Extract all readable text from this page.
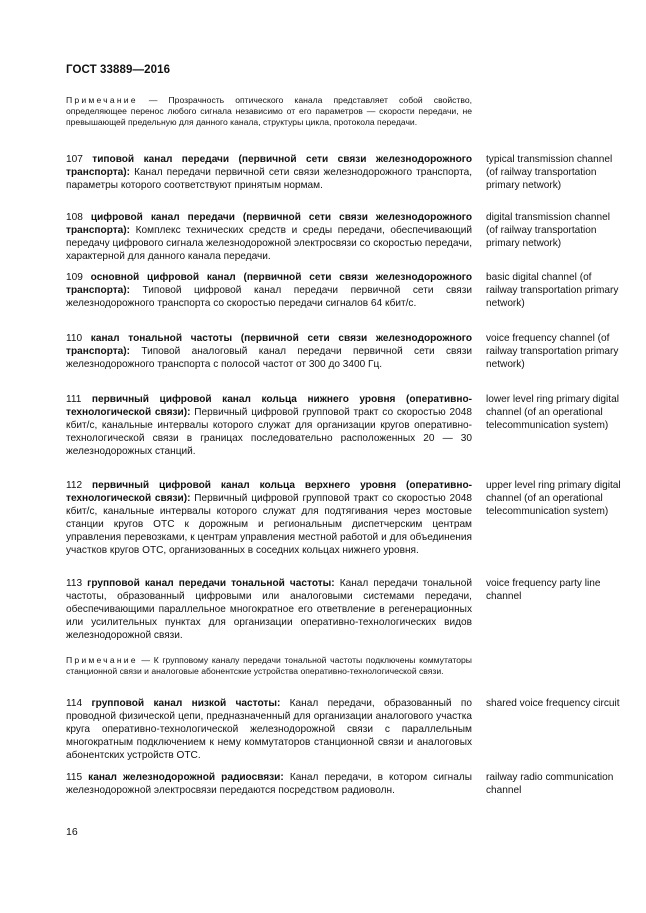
ГОСТ 33889—2016
Примечание — Прозрачность оптического канала представляет собой свойство, определяющее перенос любого сигнала независимо от его параметров — скорости передачи, не превышающей предельную для данного канала, структуры цикла, протокола передачи.
107 типовой канал передачи (первичной сети связи железнодорожного транспорта): Канал передачи первичной сети связи железнодорожного транспорта, параметры которого соответствуют принятым нормам.
typical transmission channel (of railway transportation primary network)
108 цифровой канал передачи (первичной сети связи железнодорожного транспорта): Комплекс технических средств и среды передачи, обеспечивающий передачу цифрового сигнала железнодорожной электросвязи со скоростью передачи, характерной для данного канала передачи.
digital transmission channel (of railway transportation primary network)
109 основной цифровой канал (первичной сети связи железнодорожного транспорта): Типовой цифровой канал передачи первичной сети связи железнодорожного транспорта со скоростью передачи сигналов 64 кбит/с.
basic digital channel (of railway transportation primary network)
110 канал тональной частоты (первичной сети связи железнодорожного транспорта): Типовой аналоговый канал передачи первичной сети связи железнодорожного транспорта с полосой частот от 300 до 3400 Гц.
voice frequency channel (of railway transportation primary network)
111 первичный цифровой канал кольца нижнего уровня (оперативно-технологической связи): Первичный цифровой групповой тракт со скоростью 2048 кбит/с, канальные интервалы которого служат для организации кругов оперативно-технологической связи в границах последовательно расположенных 20 — 30 железнодорожных станций.
lower level ring primary digital channel (of an operational telecommunication system)
112 первичный цифровой канал кольца верхнего уровня (оперативно-технологической связи): Первичный цифровой групповой тракт со скоростью 2048 кбит/с, канальные интервалы которого служат для подтягивания через мостовые станции кругов ОТС к дорожным и региональным диспетчерским центрам управления перевозками, к центрам управления местной работой и для объединения участков кругов ОТС, организованных в соседних кольцах нижнего уровня.
upper level ring primary digital channel (of an operational telecommunication system)
113 групповой канал передачи тональной частоты: Канал передачи тональной частоты, образованный цифровыми или аналоговыми системами передачи, обеспечивающими параллельное многократное его ответвление в регенерационных или усилительных пунктах для организации оперативно-технологических видов железнодорожной связи.
voice frequency party line channel
Примечание — К групповому каналу передачи тональной частоты подключены коммутаторы станционной связи и аналоговые абонентские устройства оперативно-технологической связи.
114 групповой канал низкой частоты: Канал передачи, образованный по проводной физической цепи, предназначенный для организации аналогового участка круга оперативно-технологической железнодорожной связи с параллельным многократным подключением к нему коммутаторов станционной связи и аналоговых абонентских устройств ОТС.
shared voice frequency circuit
115 канал железнодорожной радиосвязи: Канал передачи, в котором сигналы железнодорожной электросвязи передаются посредством радиоволн.
railway radio communication channel
16
